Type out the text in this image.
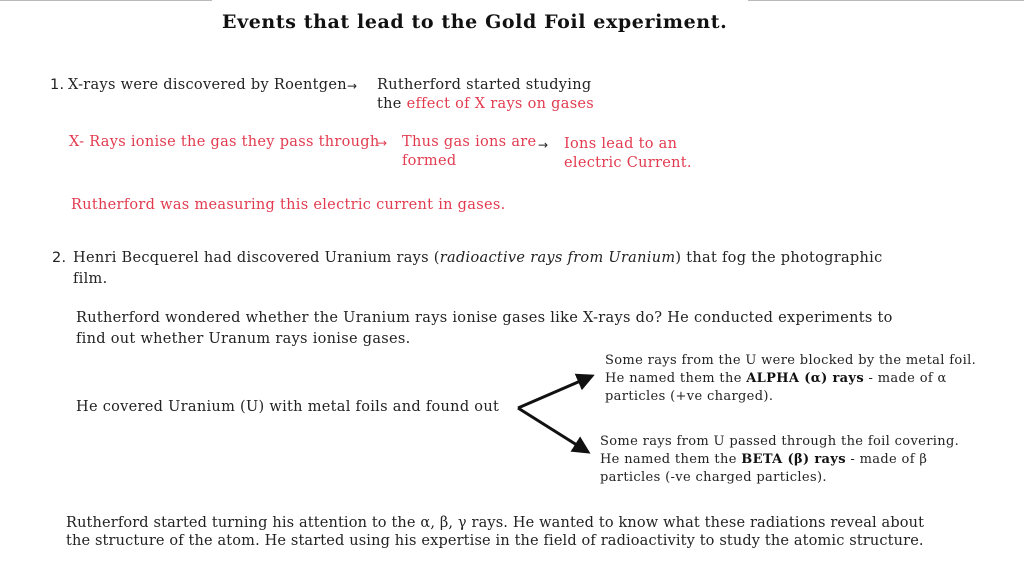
Events that lead to the Gold Foil experiment.
1. X-rays were discovered by Roentgen → Rutherford started studying
the effect of X rays on gases
X- Rays ionise the gas they pass through
→ Thus gas ions are
formed
→ Ions lead to an
electric Current.
Rutherford was measuring this electric current in gases.
2. Henri Becquerel had discovered Uranium rays (radioactive rays from Uranium) that fog the photographic
film.
Rutherford wondered whether the Uranium rays ionise gases like X-rays do? He conducted experiments to
find out whether Uranum rays ionise gases.
He covered Uranium (U) with metal foils and found out
Some rays from the U were blocked by the metal foil.
He named them the ALPHA (α) rays - made of α
particles (+ve charged).
Some rays from U passed through the foil covering.
He named them the BETA (β) rays - made of β
particles (-ve charged particles).
Rutherford started turning his attention to the α, β, γ rays. He wanted to know what these radiations reveal about
the structure of the atom. He started using his expertise in the field of radioactivity to study the atomic structure.
